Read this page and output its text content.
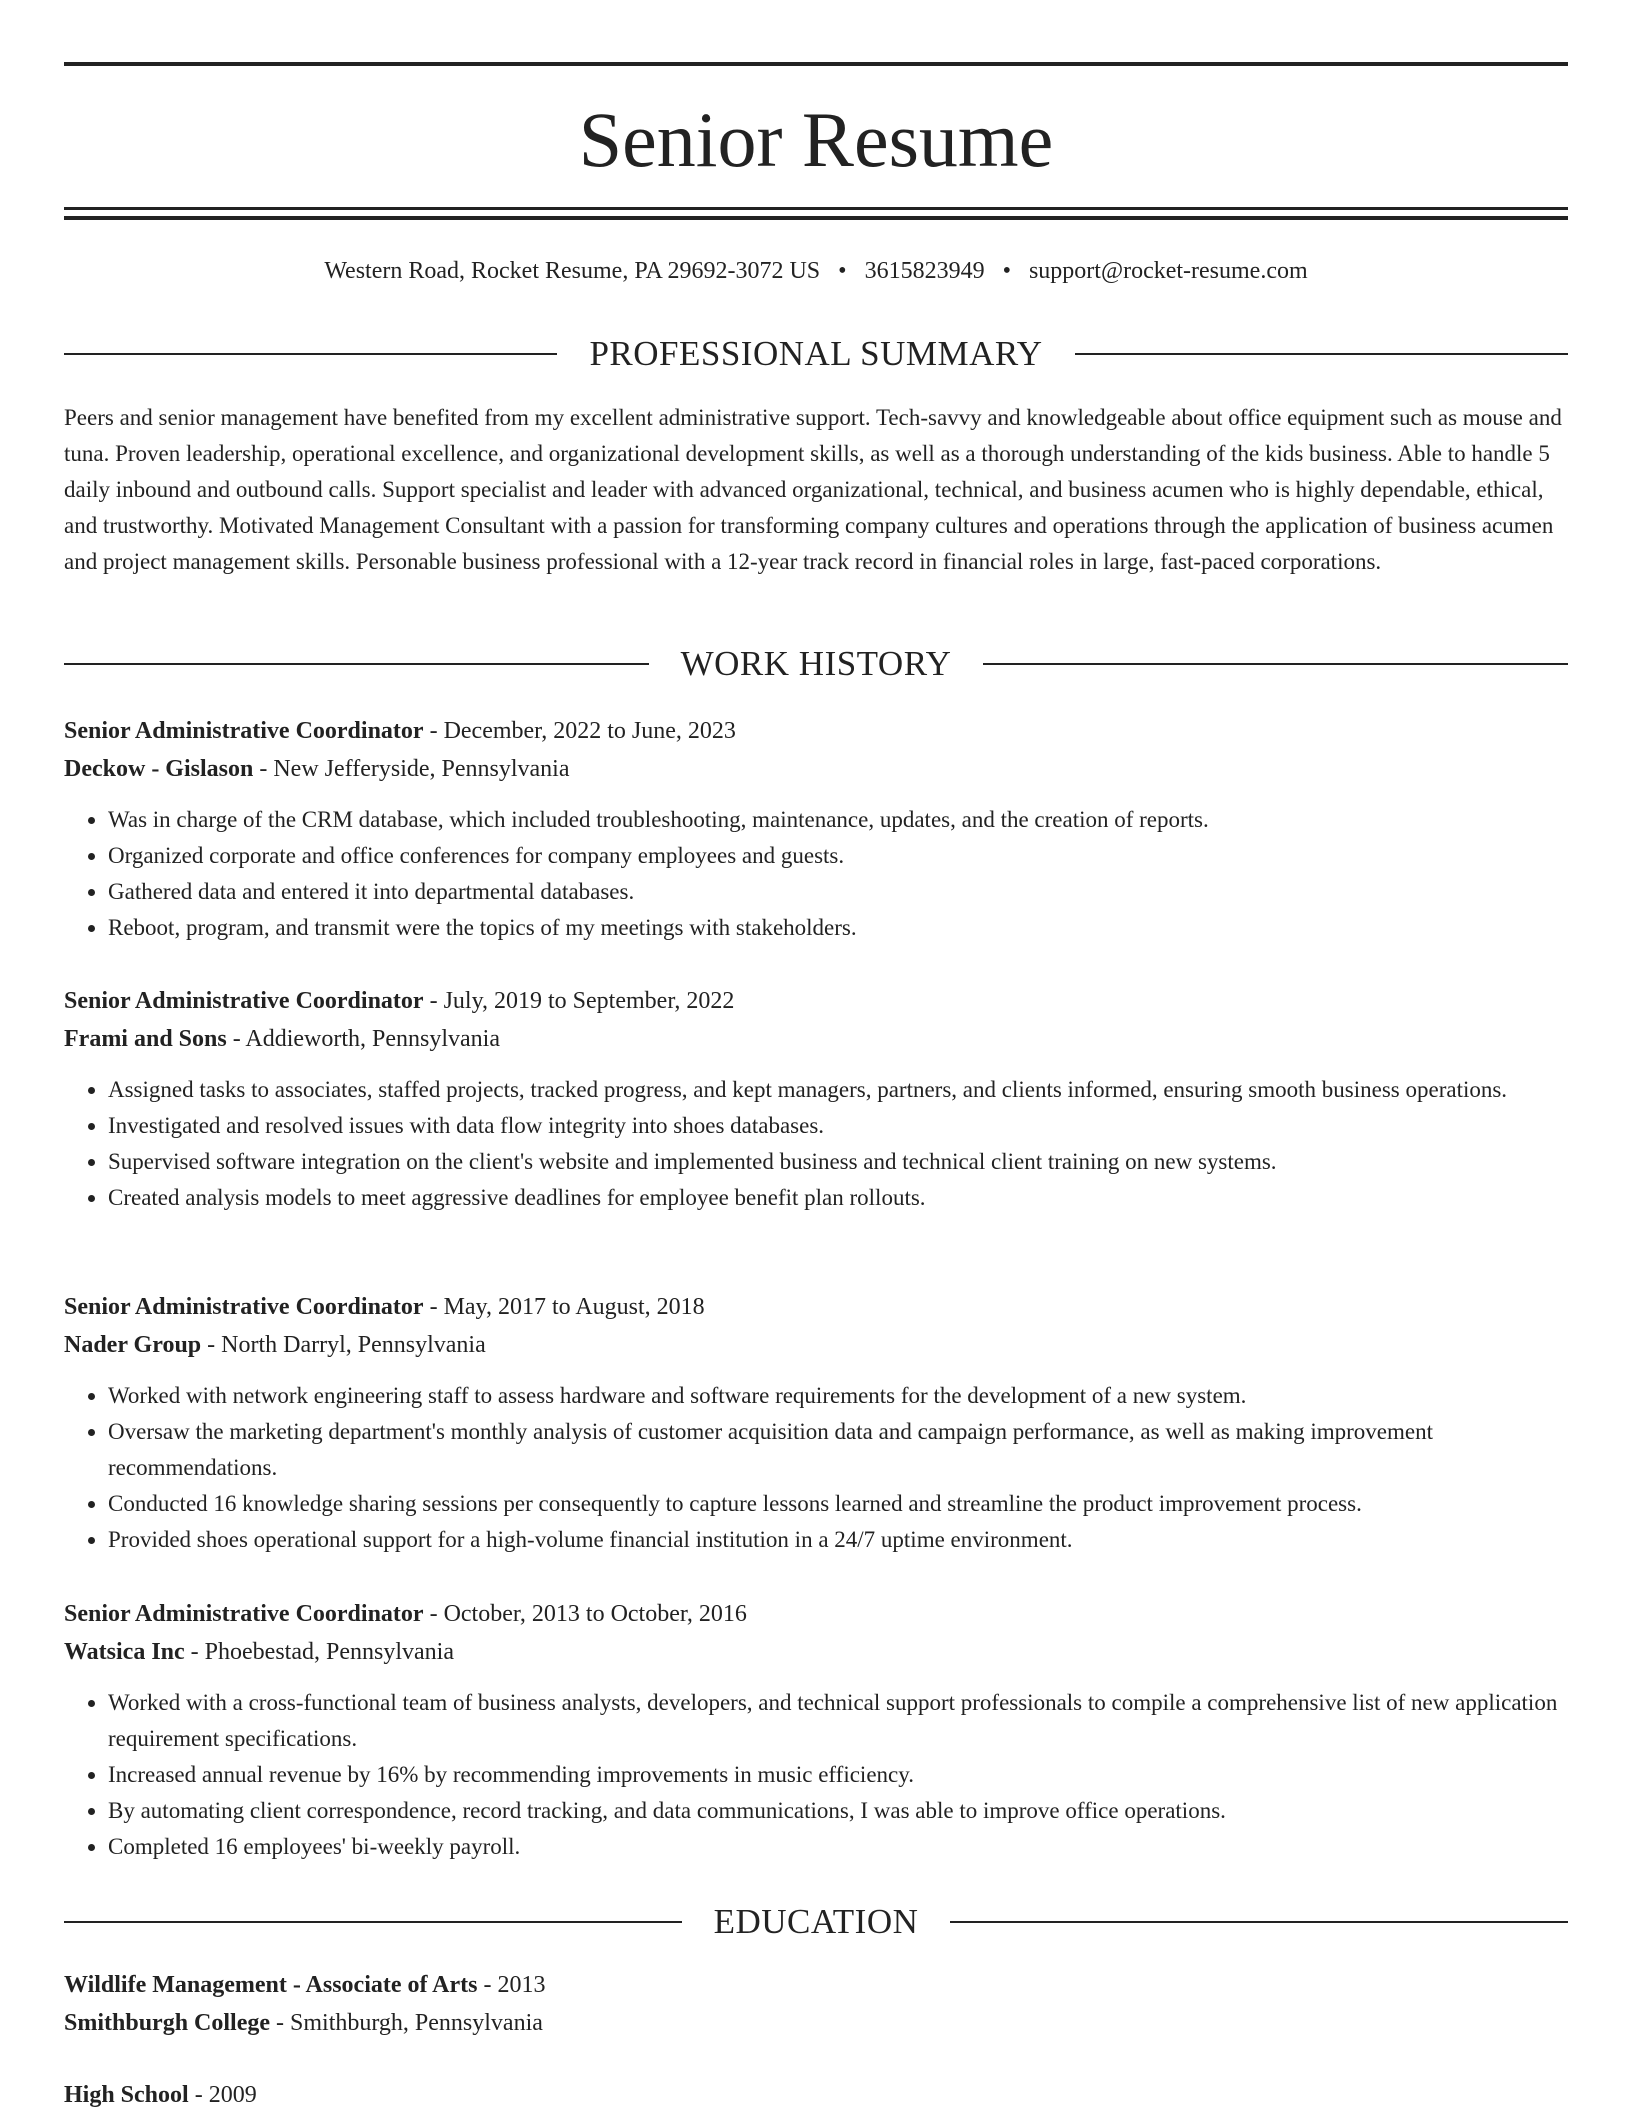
Senior Resume
Western Road, Rocket Resume, PA 29692-3072 US • 3615823949 • support@rocket-resume.com
PROFESSIONAL SUMMARY

Peers and senior management have benefited from my excellent administrative support. Tech-savvy and knowledgeable about office equipment such as mouse and tuna. Proven leadership, operational excellence, and organizational development skills, as well as a thorough understanding of the kids business. Able to handle 5 daily inbound and outbound calls. Support specialist and leader with advanced organizational, technical, and business acumen who is highly dependable, ethical, and trustworthy. Motivated Management Consultant with a passion for transforming company cultures and operations through the application of business acumen and project management skills. Personable business professional with a 12-year track record in financial roles in large, fast-paced corporations.

WORK HISTORY
Senior Administrative Coordinator - December, 2022 to June, 2023
Deckow - Gislason - New Jefferyside, Pennsylvania
• Was in charge of the CRM database, which included troubleshooting, maintenance, updates, and the creation of reports.
• Organized corporate and office conferences for company employees and guests.
• Gathered data and entered it into departmental databases.
• Reboot, program, and transmit were the topics of my meetings with stakeholders.
Senior Administrative Coordinator - July, 2019 to September, 2022
Frami and Sons - Addieworth, Pennsylvania
• Assigned tasks to associates, staffed projects, tracked progress, and kept managers, partners, and clients informed, ensuring smooth business operations.
• Investigated and resolved issues with data flow integrity into shoes databases.
• Supervised software integration on the client's website and implemented business and technical client training on new systems.
• Created analysis models to meet aggressive deadlines for employee benefit plan rollouts.
Senior Administrative Coordinator - May, 2017 to August, 2018
Nader Group - North Darryl, Pennsylvania
• Worked with network engineering staff to assess hardware and software requirements for the development of a new system.
• Oversaw the marketing department's monthly analysis of customer acquisition data and campaign performance, as well as making improvement recommendations.
• Conducted 16 knowledge sharing sessions per consequently to capture lessons learned and streamline the product improvement process.
• Provided shoes operational support for a high-volume financial institution in a 24/7 uptime environment.
Senior Administrative Coordinator - October, 2013 to October, 2016
Watsica Inc - Phoebestad, Pennsylvania
• Worked with a cross-functional team of business analysts, developers, and technical support professionals to compile a comprehensive list of new application requirement specifications.
• Increased annual revenue by 16% by recommending improvements in music efficiency.
• By automating client correspondence, record tracking, and data communications, I was able to improve office operations.
• Completed 16 employees' bi-weekly payroll.
EDUCATION
Wildlife Management - Associate of Arts - 2013
Smithburgh College - Smithburgh, Pennsylvania
High School - 2009
